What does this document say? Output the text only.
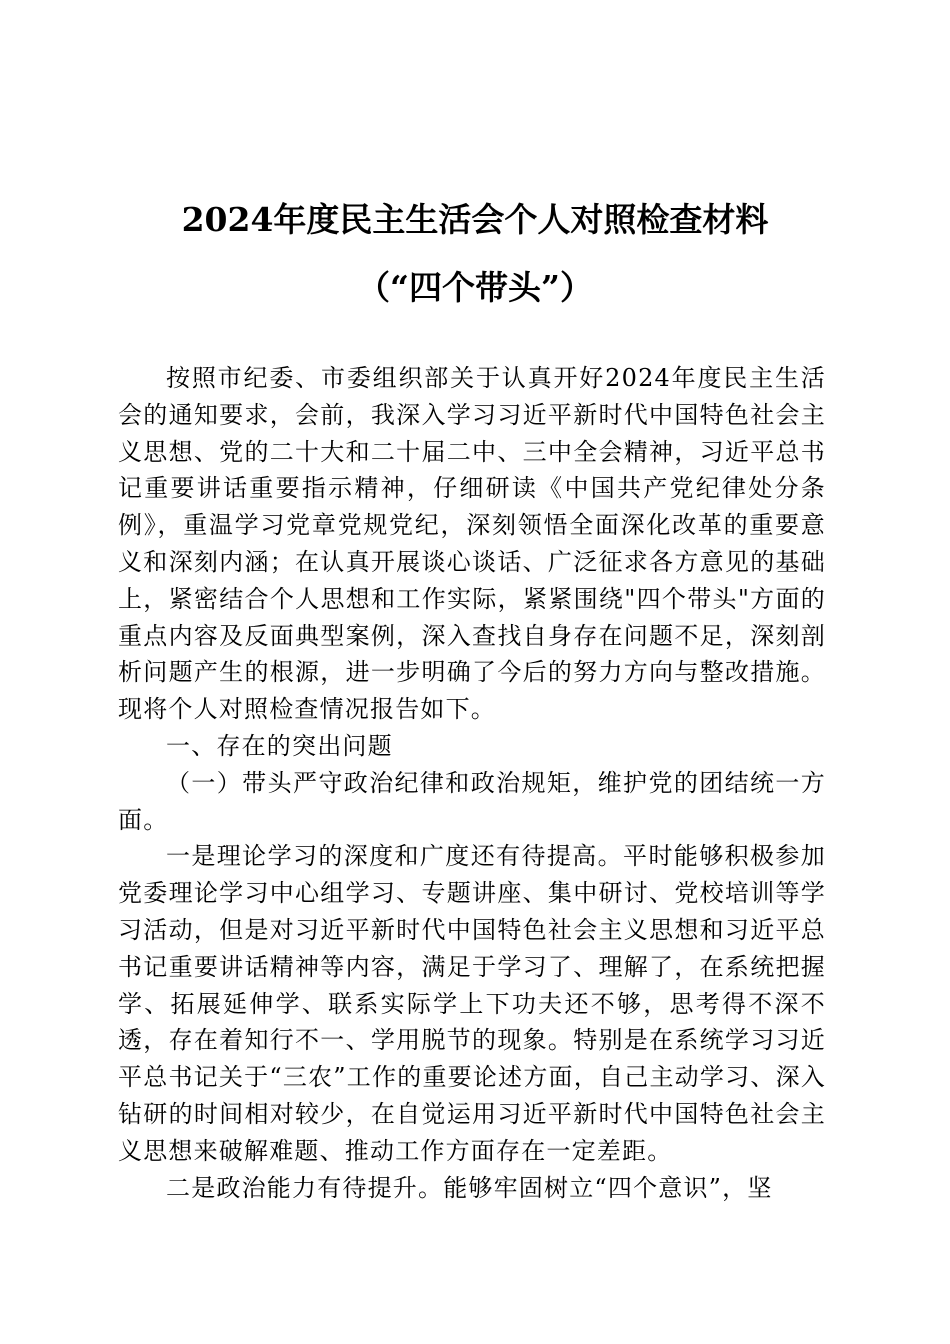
2024年度民主生活会个人对照检查材料
（“四个带头”）

按照市纪委、市委组织部关于认真开好2024年度民主生活会的通知要求，会前，我深入学习习近平新时代中国特色社会主义思想、党的二十大和二十届二中、三中全会精神，习近平总书记重要讲话重要指示精神，仔细研读《中国共产党纪律处分条例》，重温学习党章党规党纪，深刻领悟全面深化改革的重要意义和深刻内涵；在认真开展谈心谈话、广泛征求各方意见的基础上，紧密结合个人思想和工作实际，紧紧围绕"四个带头"方面的重点内容及反面典型案例，深入查找自身存在问题不足，深刻剖析问题产生的根源，进一步明确了今后的努力方向与整改措施。现将个人对照检查情况报告如下。

一、存在的突出问题

（一）带头严守政治纪律和政治规矩，维护党的团结统一方面。

一是理论学习的深度和广度还有待提高。平时能够积极参加党委理论学习中心组学习、专题讲座、集中研讨、党校培训等学习活动，但是对习近平新时代中国特色社会主义思想和习近平总书记重要讲话精神等内容，满足于学习了、理解了，在系统把握学、拓展延伸学、联系实际学上下功夫还不够，思考得不深不透，存在着知行不一、学用脱节的现象。特别是在系统学习习近平总书记关于“三农”工作的重要论述方面，自己主动学习、深入钻研的时间相对较少，在自觉运用习近平新时代中国特色社会主义思想来破解难题、推动工作方面存在一定差距。

二是政治能力有待提升。能够牢固树立“四个意识”，坚
